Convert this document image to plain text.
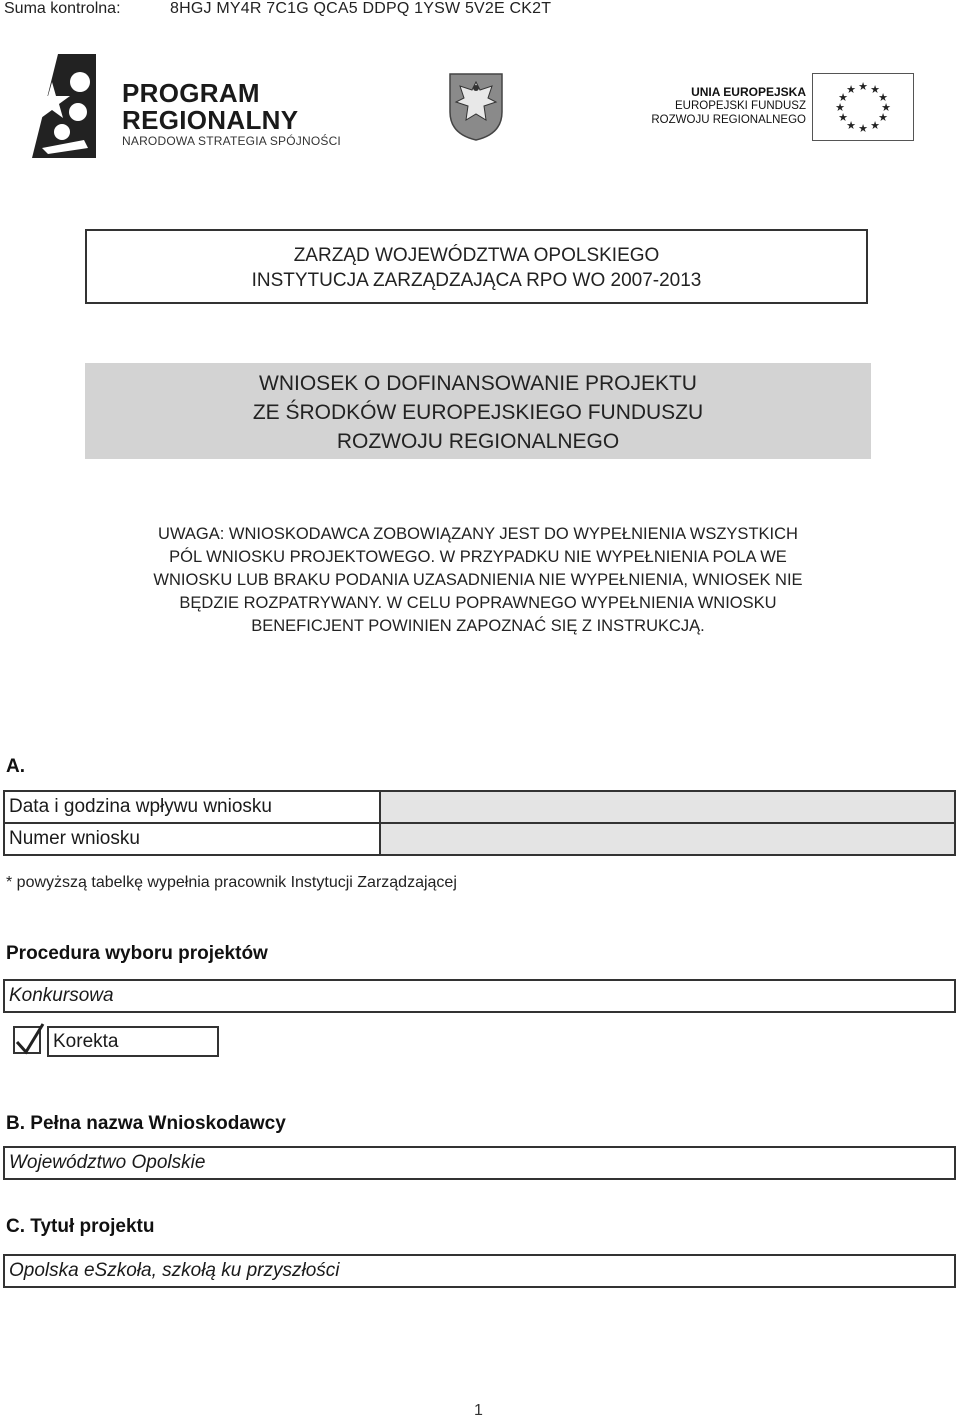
Suma kontrolna:	8HGJ MY4R 7C1G QCA5 DDPQ 1YSW 5V2E CK2T
PROGRAM
REGIONALNY
NARODOWA STRATEGIA SPÓJNOŚCI
UNIA EUROPEJSKA
EUROPEJSKI FUNDUSZ
ROZWOJU REGIONALNEGO
★ ★
★
★
★
★
★
★
★
★
★
★
ZARZĄD WOJEWÓDZTWA OPOLSKIEGO
INSTYTUCJA ZARZĄDZAJĄCA RPO WO 2007-2013
WNIOSEK O DOFINANSOWANIE PROJEKTU
ZE ŚRODKÓW EUROPEJSKIEGO FUNDUSZU
ROZWOJU REGIONALNEGO
UWAGA: WNIOSKODAWCA ZOBOWIĄZANY JEST DO WYPEŁNIENIA WSZYSTKICH
PÓL WNIOSKU PROJEKTOWEGO. W PRZYPADKU NIE WYPEŁNIENIA POLA WE
WNIOSKU LUB BRAKU PODANIA UZASADNIENIA NIE WYPEŁNIENIA, WNIOSEK NIE
BĘDZIE ROZPATRYWANY. W CELU POPRAWNEGO WYPEŁNIENIA WNIOSKU
BENEFICJENT POWINIEN ZAPOZNAĆ SIĘ Z INSTRUKCJĄ.
A.
Data i godzina wpływu wniosku	
Numer wniosku	
* powyższą tabelkę wypełnia pracownik Instytucji Zarządzającej
Procedura wyboru projektów
Konkursowa
Korekta
B. Pełna nazwa Wnioskodawcy
Województwo Opolskie
C. Tytuł projektu
Opolska eSzkoła, szkołą ku przyszłości
1
